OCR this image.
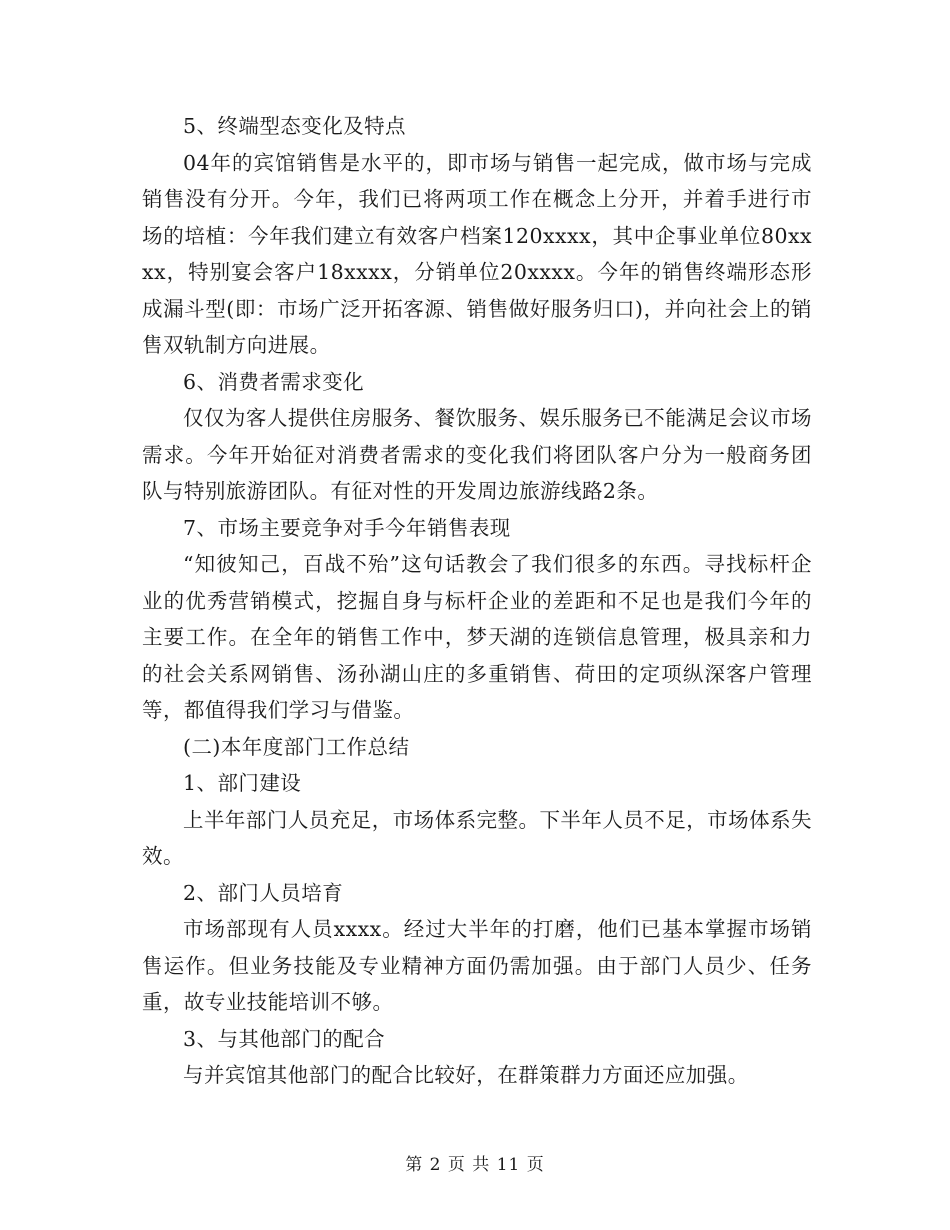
5、终端型态变化及特点

04年的宾馆销售是水平的，即市场与销售一起完成，做市场与完成销售没有分开。今年，我们已将两项工作在概念上分开，并着手进行市场的培植：今年我们建立有效客户档案120xxxx，其中企事业单位80xxxx，特别宴会客户18xxxx，分销单位20xxxx。今年的销售终端形态形成漏斗型(即：市场广泛开拓客源、销售做好服务归口)，并向社会上的销售双轨制方向进展。

6、消费者需求变化

仅仅为客人提供住房服务、餐饮服务、娱乐服务已不能满足会议市场需求。今年开始征对消费者需求的变化我们将团队客户分为一般商务团队与特别旅游团队。有征对性的开发周边旅游线路2条。

7、市场主要竞争对手今年销售表现

“知彼知己，百战不殆”这句话教会了我们很多的东西。寻找标杆企业的优秀营销模式，挖掘自身与标杆企业的差距和不足也是我们今年的主要工作。在全年的销售工作中，梦天湖的连锁信息管理，极具亲和力的社会关系网销售、汤孙湖山庄的多重销售、荷田的定项纵深客户管理等，都值得我们学习与借鉴。

(二)本年度部门工作总结

1、部门建设

上半年部门人员充足，市场体系完整。下半年人员不足，市场体系失效。

2、部门人员培育

市场部现有人员xxxx。经过大半年的打磨，他们已基本掌握市场销售运作。但业务技能及专业精神方面仍需加强。由于部门人员少、任务重，故专业技能培训不够。

3、与其他部门的配合

与并宾馆其他部门的配合比较好，在群策群力方面还应加强。

第 2 页 共 11 页
